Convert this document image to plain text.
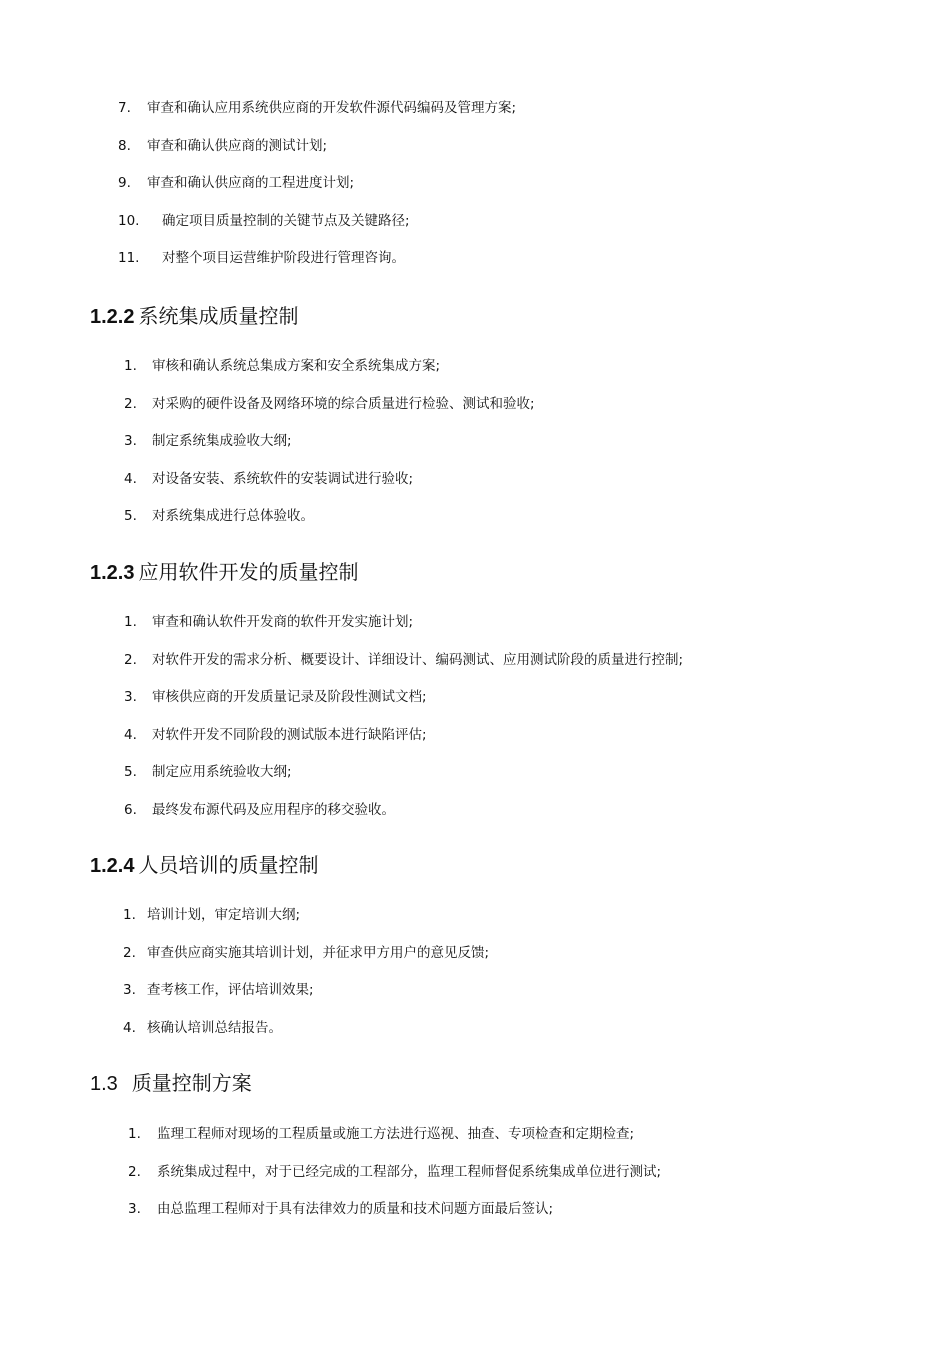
7. 审查和确认应用系统供应商的开发软件源代码编码及管理方案;
8. 审查和确认供应商的测试计划;
9. 审查和确认供应商的工程进度计划;
10. 确定项目质量控制的关键节点及关键路径;
11. 对整个项目运营维护阶段进行管理咨询。
1.2.2 系统集成质量控制
1. 审核和确认系统总集成方案和安全系统集成方案;
2. 对采购的硬件设备及网络环境的综合质量进行检验、测试和验收;
3. 制定系统集成验收大纲;
4. 对设备安装、系统软件的安装调试进行验收;
5. 对系统集成进行总体验收。
1.2.3 应用软件开发的质量控制
1. 审查和确认软件开发商的软件开发实施计划;
2. 对软件开发的需求分析、概要设计、详细设计、编码测试、应用测试阶段的质量进行控制;
3. 审核供应商的开发质量记录及阶段性测试文档;
4. 对软件开发不同阶段的测试版本进行缺陷评估;
5. 制定应用系统验收大纲;
6. 最终发布源代码及应用程序的移交验收。
1.2.4 人员培训的质量控制
1. 培训计划，审定培训大纲;
2. 审查供应商实施其培训计划，并征求甲方用户的意见反馈;
3. 查考核工作，评估培训效果;
4. 核确认培训总结报告。
1.3 质量控制方案
1. 监理工程师对现场的工程质量或施工方法进行巡视、抽查、专项检查和定期检查;
2. 系统集成过程中，对于已经完成的工程部分，监理工程师督促系统集成单位进行测试;
3. 由总监理工程师对于具有法律效力的质量和技术问题方面最后签认;
